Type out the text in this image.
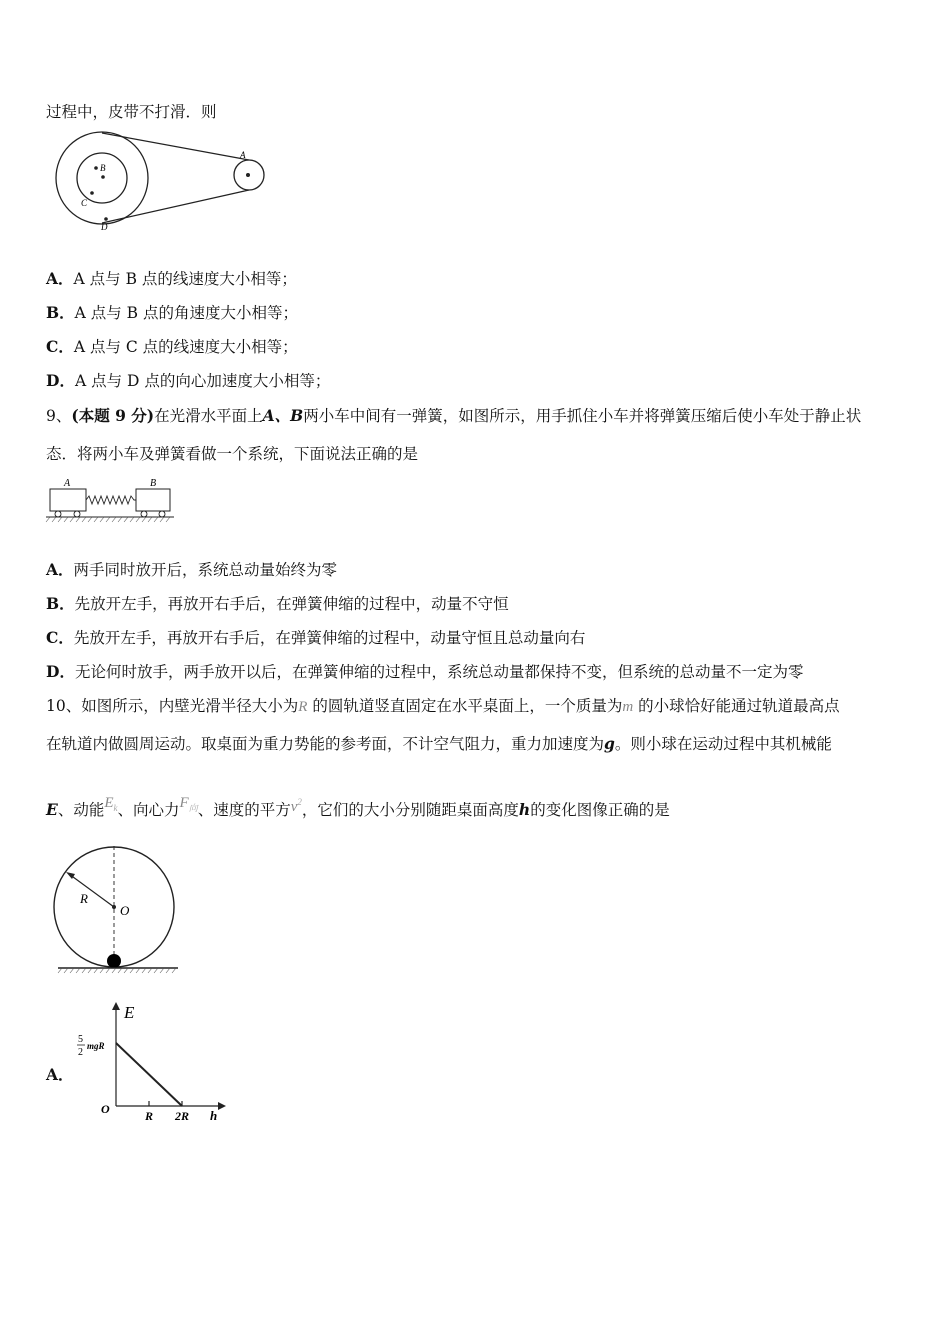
过程中，皮带不打滑．则
A
B
C
D
A．A 点与 B 点的线速度大小相等；
B．A 点与 B 点的角速度大小相等；
C．A 点与 C 点的线速度大小相等；
D．A 点与 D 点的向心加速度大小相等；
9、(本题 9 分)在光滑水平面上A、B两小车中间有一弹簧，如图所示，用手抓住小车并将弹簧压缩后使小车处于静止状
态．将两小车及弹簧看做一个系统，下面说法正确的是
A	B
A．两手同时放开后，系统总动量始终为零
B．先放开左手，再放开右手后，在弹簧伸缩的过程中，动量不守恒
C．先放开左手，再放开右手后，在弹簧伸缩的过程中，动量守恒且总动量向右
D．无论何时放手，两手放开以后，在弹簧伸缩的过程中，系统总动量都保持不变，但系统的总动量不一定为零
10、如图所示，内壁光滑半径大小为R 的圆轨道竖直固定在水平桌面上，一个质量为m 的小球恰好能通过轨道最高点
在轨道内做圆周运动。取桌面为重力势能的参考面，不计空气阻力，重力加速度为g。则小球在运动过程中其机械能
E、动能$E_k$、向心力$F_向$、速度的平方$v^2$，它们的大小分别随距桌面高度h的变化图像正确的是
R
O
A．
E
h
O
5
2
mgR
R 2R
